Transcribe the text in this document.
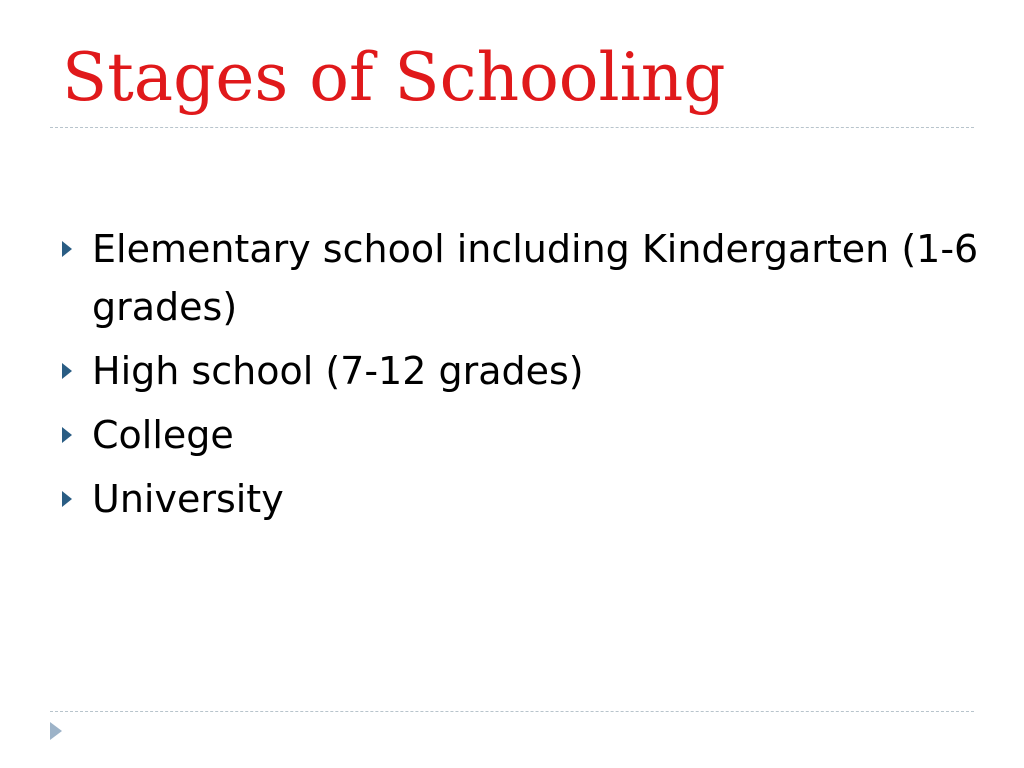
Stages of Schooling
Elementary school including Kindergarten (1-6 grades)
High school (7-12 grades)
College
University
